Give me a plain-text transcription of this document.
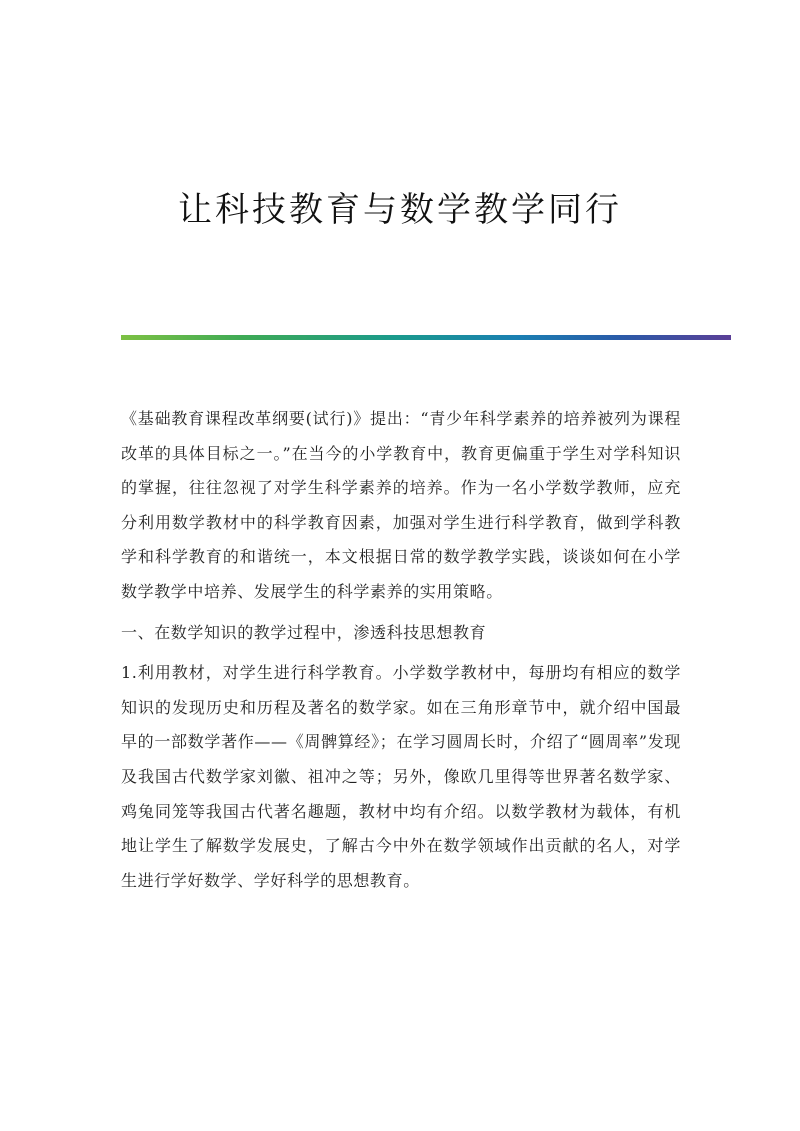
让科技教育与数学教学同行

《基础教育课程改革纲要(试行)》提出：“青少年科学素养的培养被列为课程改革的具体目标之一。”在当今的小学教育中，教育更偏重于学生对学科知识的掌握，往往忽视了对学生科学素养的培养。作为一名小学数学教师，应充分利用数学教材中的科学教育因素，加强对学生进行科学教育，做到学科教学和科学教育的和谐统一，本文根据日常的数学教学实践，谈谈如何在小学数学教学中培养、发展学生的科学素养的实用策略。

一、在数学知识的教学过程中，渗透科技思想教育

1.利用教材，对学生进行科学教育。小学数学教材中，每册均有相应的数学知识的发现历史和历程及著名的数学家。如在三角形章节中，就介绍中国最早的一部数学著作——《周髀算经》；在学习圆周长时，介绍了“圆周率”发现及我国古代数学家刘徽、祖冲之等；另外，像欧几里得等世界著名数学家、鸡兔同笼等我国古代著名趣题，教材中均有介绍。以数学教材为载体，有机地让学生了解数学发展史，了解古今中外在数学领域作出贡献的名人，对学生进行学好数学、学好科学的思想教育。
